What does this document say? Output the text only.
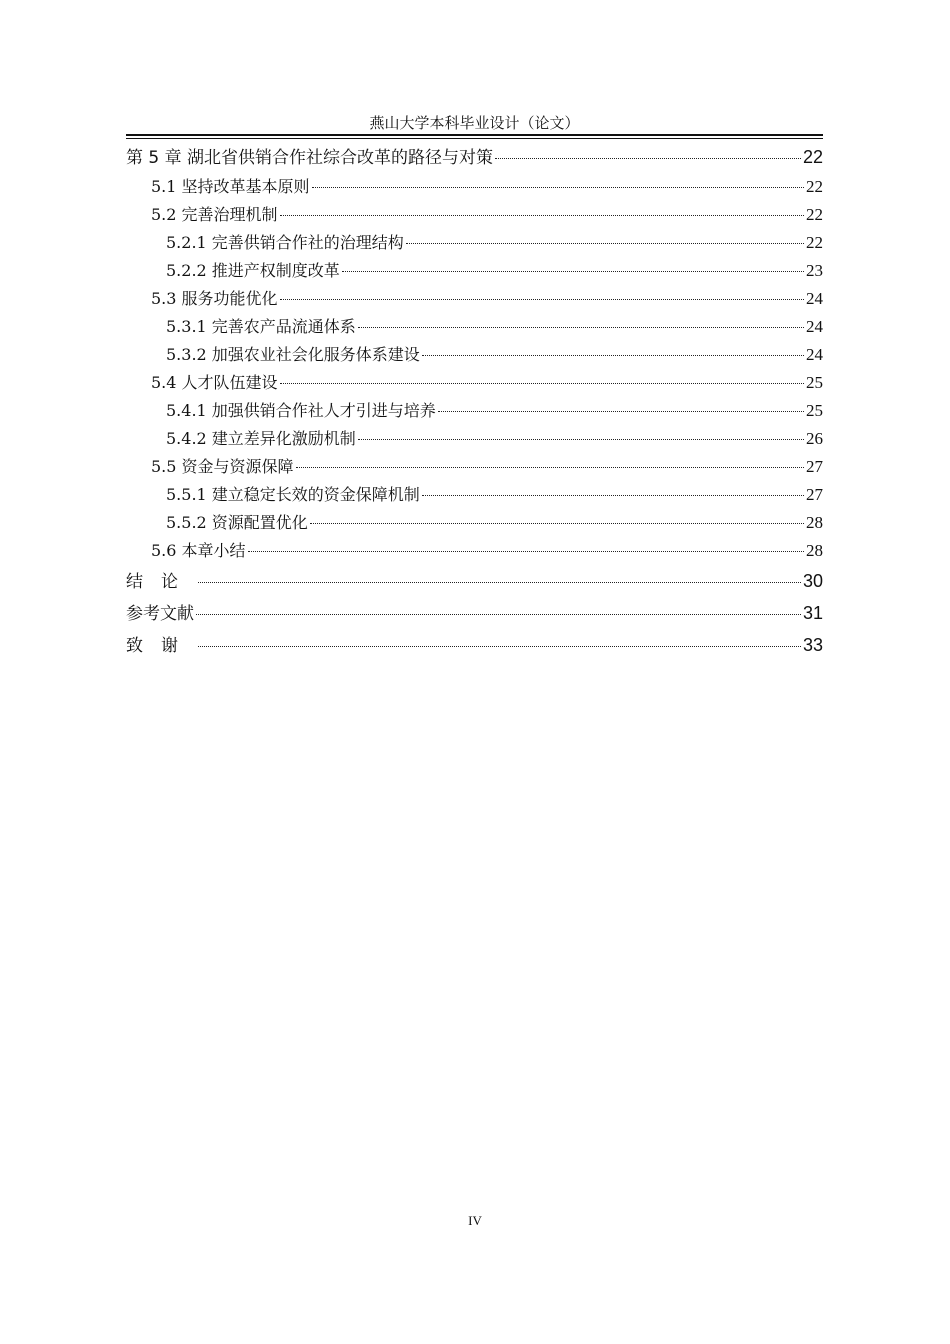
燕山大学本科毕业设计（论文）
第 5 章 湖北省供销合作社综合改革的路径与对策	22
5.1 坚持改革基本原则	22
5.2 完善治理机制	22
5.2.1 完善供销合作社的治理结构	22
5.2.2 推进产权制度改革	23
5.3 服务功能优化	24
5.3.1 完善农产品流通体系	24
5.3.2 加强农业社会化服务体系建设	24
5.4 人才队伍建设	25
5.4.1 加强供销合作社人才引进与培养	25
5.4.2 建立差异化激励机制	26
5.5 资金与资源保障	27
5.5.1 建立稳定长效的资金保障机制	27
5.5.2 资源配置优化	28
5.6 本章小结	28
结论	30
参考文献	31
致谢	33
IV
